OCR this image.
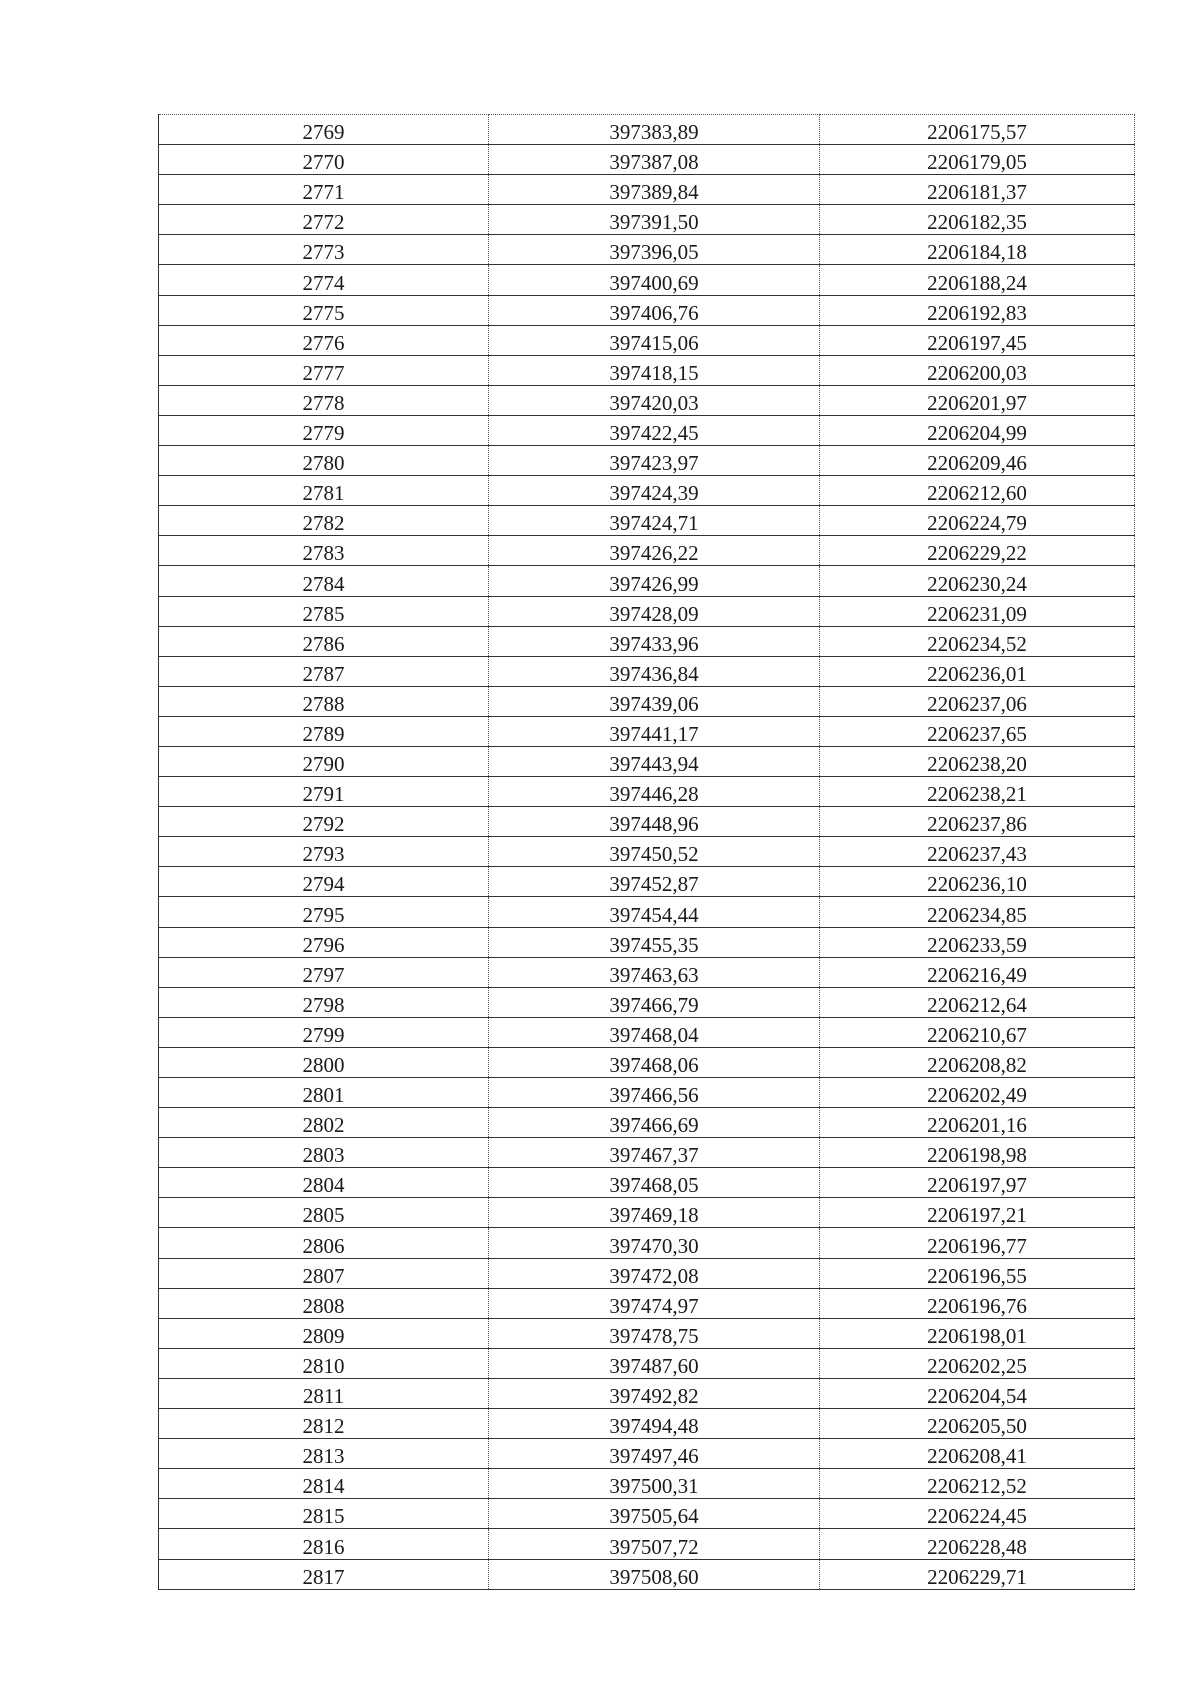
2769	397383,89	2206175,57
2770	397387,08	2206179,05
2771	397389,84	2206181,37
2772	397391,50	2206182,35
2773	397396,05	2206184,18
2774	397400,69	2206188,24
2775	397406,76	2206192,83
2776	397415,06	2206197,45
2777	397418,15	2206200,03
2778	397420,03	2206201,97
2779	397422,45	2206204,99
2780	397423,97	2206209,46
2781	397424,39	2206212,60
2782	397424,71	2206224,79
2783	397426,22	2206229,22
2784	397426,99	2206230,24
2785	397428,09	2206231,09
2786	397433,96	2206234,52
2787	397436,84	2206236,01
2788	397439,06	2206237,06
2789	397441,17	2206237,65
2790	397443,94	2206238,20
2791	397446,28	2206238,21
2792	397448,96	2206237,86
2793	397450,52	2206237,43
2794	397452,87	2206236,10
2795	397454,44	2206234,85
2796	397455,35	2206233,59
2797	397463,63	2206216,49
2798	397466,79	2206212,64
2799	397468,04	2206210,67
2800	397468,06	2206208,82
2801	397466,56	2206202,49
2802	397466,69	2206201,16
2803	397467,37	2206198,98
2804	397468,05	2206197,97
2805	397469,18	2206197,21
2806	397470,30	2206196,77
2807	397472,08	2206196,55
2808	397474,97	2206196,76
2809	397478,75	2206198,01
2810	397487,60	2206202,25
2811	397492,82	2206204,54
2812	397494,48	2206205,50
2813	397497,46	2206208,41
2814	397500,31	2206212,52
2815	397505,64	2206224,45
2816	397507,72	2206228,48
2817	397508,60	2206229,71
